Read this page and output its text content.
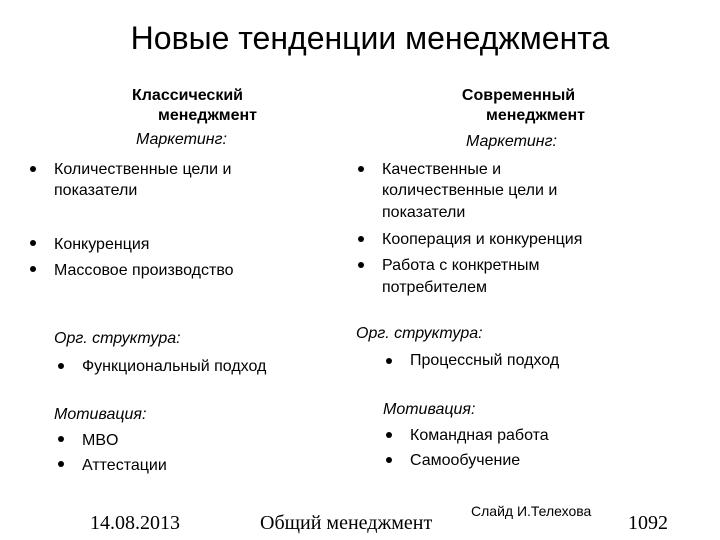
Новые тенденции менеджмента
Классический
менеджмент
Маркетинг:
Количественные цели и
показатели
Конкуренция
Массовое производство
Орг. структура:
Функциональный подход
Мотивация:
MBO
Аттестации
Современный
менеджмент
Маркетинг:
Качественные и
количественные цели и
показатели
Кооперация и конкуренция
Работа с конкретным
потребителем
Орг. структура:
Процессный подход
Мотивация:
Командная работа
Самообучение
14.08.2013	Общий менеджмент
Слайд И.Телехова
1092
